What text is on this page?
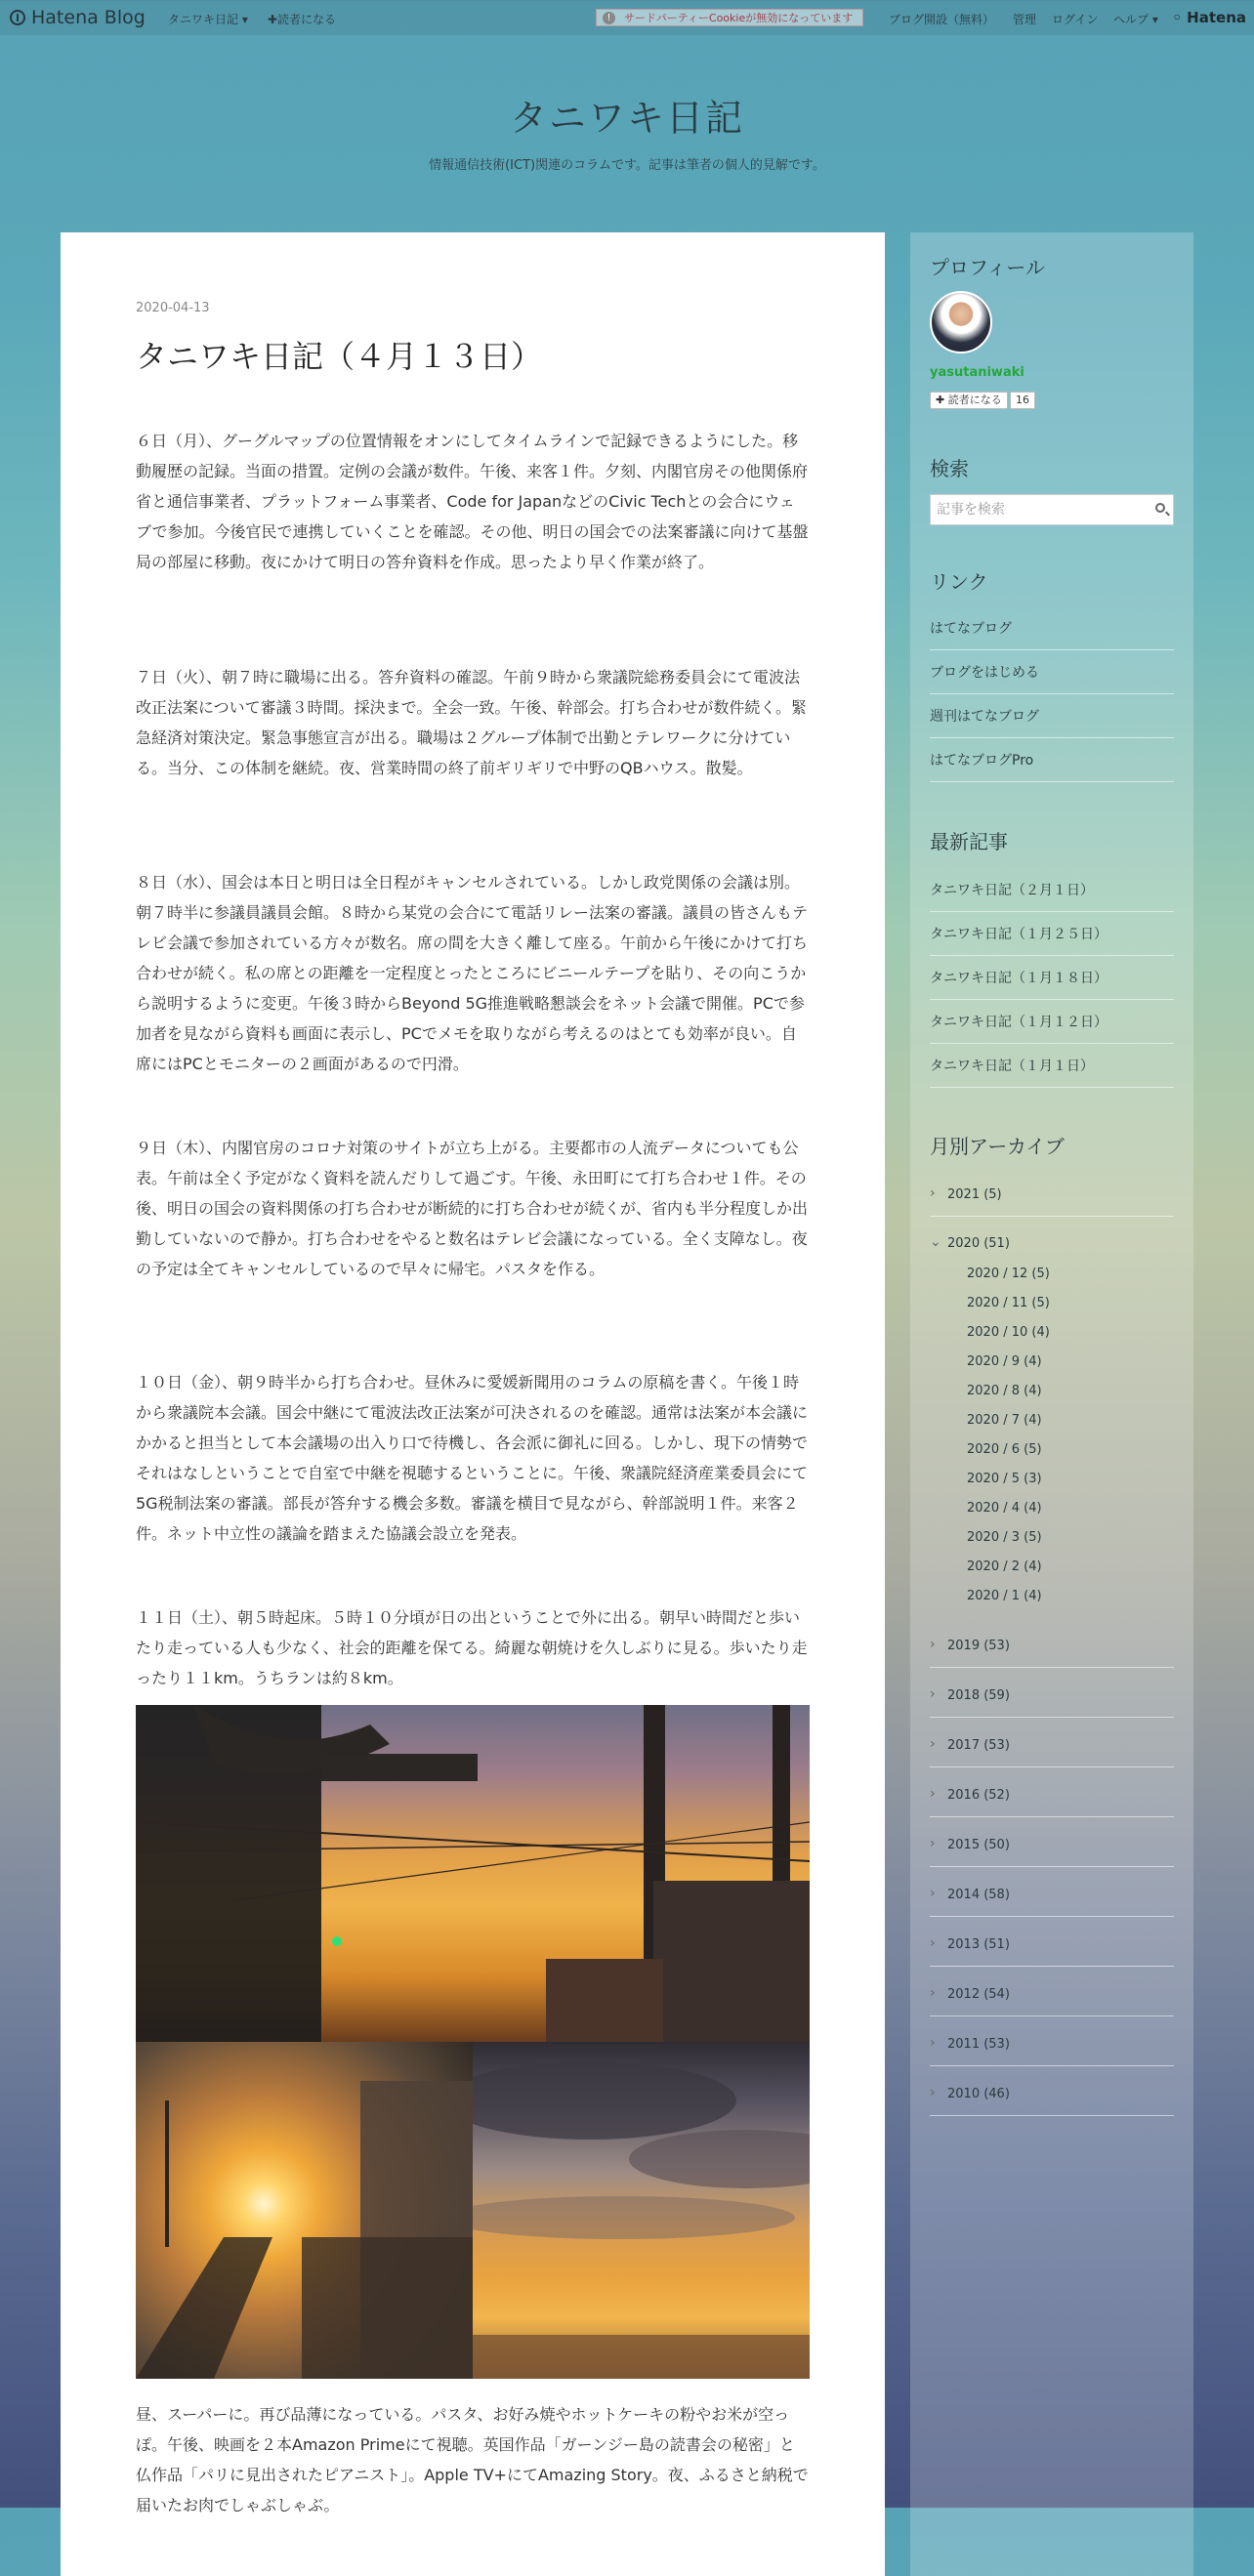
Hatena Blog タニワキ日記 ▾ ✚読者になる	!	サードパーティーCookieが無効になっています	ブログ開設（無料） 管理 ログイン ヘルプ ▾ ◦ Hatena
タニワキ日記
情報通信技術(ICT)関連のコラムです。記事は筆者の個人的見解です。
2020-04-13
タニワキ日記（４月１３日）

６日（月）、グーグルマップの位置情報をオンにしてタイムラインで記録できるようにした。移動履歴の記録。当面の措置。定例の会議が数件。午後、来客１件。夕刻、内閣官房その他関係府省と通信事業者、プラットフォーム事業者、Code for JapanなどのCivic Techとの会合にウェブで参加。今後官民で連携していくことを確認。その他、明日の国会での法案審議に向けて基盤局の部屋に移動。夜にかけて明日の答弁資料を作成。思ったより早く作業が終了。

７日（火）、朝７時に職場に出る。答弁資料の確認。午前９時から衆議院総務委員会にて電波法改正法案について審議３時間。採決まで。全会一致。午後、幹部会。打ち合わせが数件続く。緊急経済対策決定。緊急事態宣言が出る。職場は２グループ体制で出勤とテレワークに分けている。当分、この体制を継続。夜、営業時間の終了前ギリギリで中野のQBハウス。散髪。

８日（水）、国会は本日と明日は全日程がキャンセルされている。しかし政党関係の会議は別。朝７時半に参議員議員会館。８時から某党の会合にて電話リレー法案の審議。議員の皆さんもテレビ会議で参加されている方々が数名。席の間を大きく離して座る。午前から午後にかけて打ち合わせが続く。私の席との距離を一定程度とったところにビニールテープを貼り、その向こうから説明するように変更。午後３時からBeyond 5G推進戦略懇談会をネット会議で開催。PCで参加者を見ながら資料も画面に表示し、PCでメモを取りながら考えるのはとても効率が良い。自席にはPCとモニターの２画面があるので円滑。

９日（木）、内閣官房のコロナ対策のサイトが立ち上がる。主要都市の人流データについても公表。午前は全く予定がなく資料を読んだりして過ごす。午後、永田町にて打ち合わせ１件。その後、明日の国会の資料関係の打ち合わせが断続的に打ち合わせが続くが、省内も半分程度しか出勤していないので静か。打ち合わせをやると数名はテレビ会議になっている。全く支障なし。夜の予定は全てキャンセルしているので早々に帰宅。パスタを作る。

１０日（金）、朝９時半から打ち合わせ。昼休みに愛媛新聞用のコラムの原稿を書く。午後１時から衆議院本会議。国会中継にて電波法改正法案が可決されるのを確認。通常は法案が本会議にかかると担当として本会議場の出入り口で待機し、各会派に御礼に回る。しかし、現下の情勢でそれはなしということで自室で中継を視聴するということに。午後、衆議院経済産業委員会にて5G税制法案の審議。部長が答弁する機会多数。審議を横目で見ながら、幹部説明１件。来客２件。ネット中立性の議論を踏まえた協議会設立を発表。

１１日（土）、朝５時起床。５時１０分頃が日の出ということで外に出る。朝早い時間だと歩いたり走っている人も少なく、社会的距離を保てる。綺麗な朝焼けを久しぶりに見る。歩いたり走ったり１１km。うちランは約８km。

昼、スーパーに。再び品薄になっている。パスタ、お好み焼やホットケーキの粉やお米が空っぽ。午後、映画を２本Amazon Primeにて視聴。英国作品「ガーンジー島の読書会の秘密」と仏作品「パリに見出されたピアニスト」。Apple TV+にてAmazing Story。夜、ふるさと納税で届いたお肉でしゃぶしゃぶ。

プロフィール
yasutaniwaki
✚ 読者になる	16
検索
記事を検索
リンク
はてなブログ
ブログをはじめる
週刊はてなブログ
はてなブログPro
最新記事
タニワキ日記（２月１日）
タニワキ日記（１月２５日）
タニワキ日記（１月１８日）
タニワキ日記（１月１２日）
タニワキ日記（１月１日）
月別アーカイブ
› 2021 (5)
⌄ 2020 (51)
2020 / 12 (5)
2020 / 11 (5)
2020 / 10 (4)
2020 / 9 (4)
2020 / 8 (4)
2020 / 7 (4)
2020 / 6 (5)
2020 / 5 (3)
2020 / 4 (4)
2020 / 3 (5)
2020 / 2 (4)
2020 / 1 (4)
› 2019 (53)
› 2018 (59)
› 2017 (53)
› 2016 (52)
› 2015 (50)
› 2014 (58)
› 2013 (51)
› 2012 (54)
› 2011 (53)
› 2010 (46)
